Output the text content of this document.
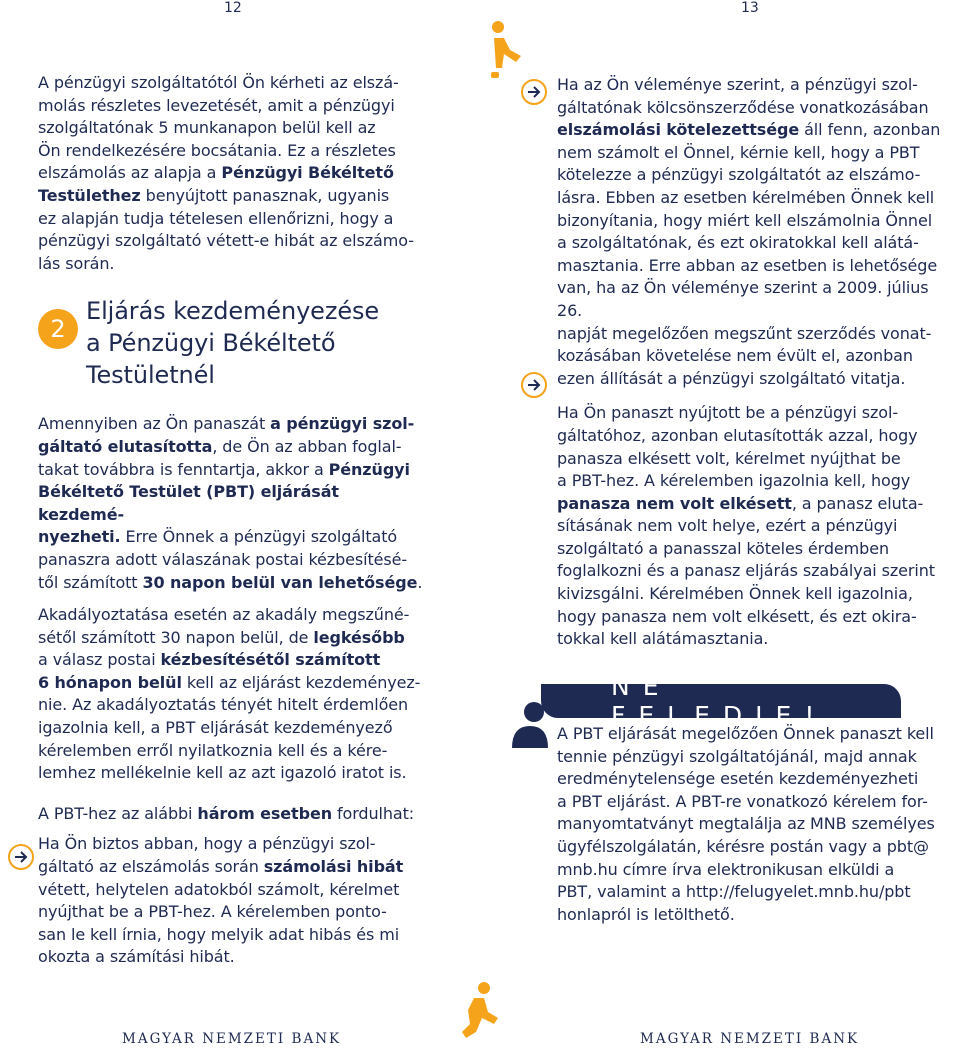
12	13
A pénzügyi szolgáltatótól Ön kérheti az elszá-
molás részletes levezetését, amit a pénzügyi
szolgáltatónak 5 munkanapon belül kell az
Ön rendelkezésére bocsátania. Ez a részletes
elszámolás az alapja a Pénzügyi Békéltető
Testülethez benyújtott panasznak, ugyanis
ez alapján tudja tételesen ellenőrizni, hogy a
pénzügyi szolgáltató vétett-e hibát az elszámo-
lás során.
2
Eljárás kezdeményezése
a Pénzügyi Békéltető
Testületnél
Amennyiben az Ön panaszát a pénzügyi szol-
gáltató elutasította, de Ön az abban foglal-
takat továbbra is fenntartja, akkor a Pénzügyi
Békéltető Testület (PBT) eljárását kezdemé-
nyezheti. Erre Önnek a pénzügyi szolgáltató
panaszra adott válaszának postai kézbesítésé-
től számított 30 napon belül van lehetősége.
Akadályoztatása esetén az akadály megszűné-
sétől számított 30 napon belül, de legkésőbb
a válasz postai kézbesítésétől számított
6 hónapon belül kell az eljárást kezdeményez-
nie. Az akadályoztatás tényét hitelt érdemlően
igazolnia kell, a PBT eljárását kezdeményező
kérelemben erről nyilatkoznia kell és a kére-
lemhez mellékelnie kell az azt igazoló iratot is.
A PBT-hez az alábbi három esetben fordulhat:
Ha Ön biztos abban, hogy a pénzügyi szol-
gáltató az elszámolás során számolási hibát
vétett, helytelen adatokból számolt, kérelmet
nyújthat be a PBT-hez. A kérelemben ponto-
san le kell írnia, hogy melyik adat hibás és mi
okozta a számítási hibát.
MAGYAR NEMZETI BANK
Ha az Ön véleménye szerint, a pénzügyi szol-
gáltatónak kölcsönszerződése vonatkozásában
elszámolási kötelezettsége áll fenn, azonban
nem számolt el Önnel, kérnie kell, hogy a PBT
kötelezze a pénzügyi szolgáltatót az elszámo-
lásra. Ebben az esetben kérelmében Önnek kell
bizonyítania, hogy miért kell elszámolnia Önnel
a szolgáltatónak, és ezt okiratokkal kell alátá-
masztania. Erre abban az esetben is lehetősége
van, ha az Ön véleménye szerint a 2009. július 26.
napját megelőzően megszűnt szerződés vonat-
kozásában követelése nem évült el, azonban
ezen állítását a pénzügyi szolgáltató vitatja.
Ha Ön panaszt nyújtott be a pénzügyi szol-
gáltatóhoz, azonban elutasították azzal, hogy
panasza elkésett volt, kérelmet nyújthat be
a PBT-hez. A kérelemben igazolnia kell, hogy
panasza nem volt elkésett, a panasz eluta-
sításának nem volt helye, ezért a pénzügyi
szolgáltató a panasszal köteles érdemben
foglalkozni és a panasz eljárás szabályai szerint
kivizsgálni. Kérelmében Önnek kell igazolnia,
hogy panasza nem volt elkésett, és ezt okira-
tokkal kell alátámasztania.
NE FELEDJE!
A PBT eljárását megelőzően Önnek panaszt kell
tennie pénzügyi szolgáltatójánál, majd annak
eredménytelensége esetén kezdeményezheti
a PBT eljárást. A PBT-re vonatkozó kérelem for-
manyomtatványt megtalálja az MNB személyes
ügyfélszolgálatán, kérésre postán vagy a pbt@
mnb.hu címre írva elektronikusan elküldi a
PBT, valamint a http://felugyelet.mnb.hu/pbt
honlapról is letölthető.
MAGYAR NEMZETI BANK
